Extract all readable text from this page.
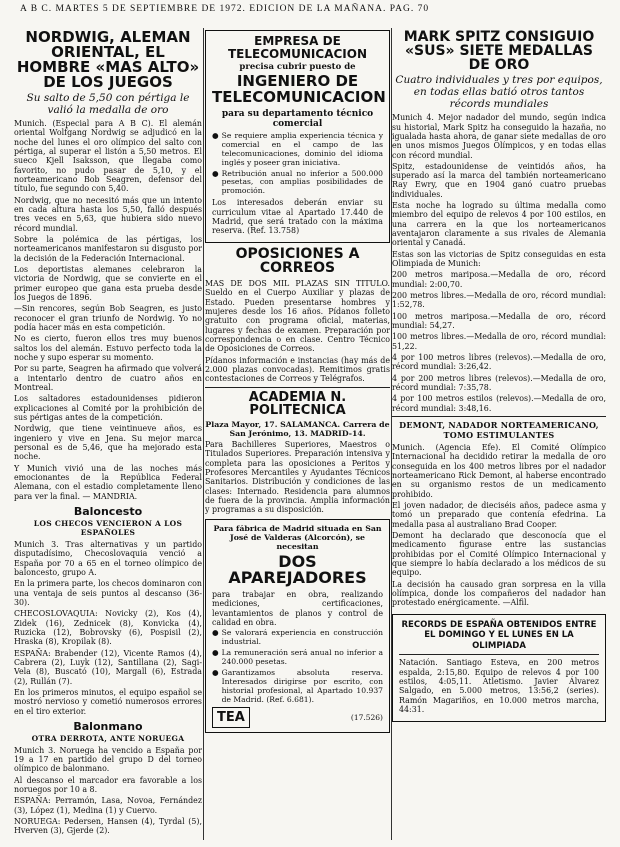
A B C. MARTES 5 DE SEPTIEMBRE DE 1972. EDICION DE LA MAÑANA. PAG. 70
NORDWIG, ALEMAN ORIENTAL, EL HOMBRE «MAS ALTO» DE LOS JUEGOS
Su salto de 5,50 con pértiga le valió la medalla de oro

Munich. (Especial para A B C). El alemán oriental Wolfgang Nordwig se adjudicó en la noche del lunes el oro olímpico del salto con pértiga, al superar el listón a 5,50 metros. El sueco Kjell Isaksson, que llegaba como favorito, no pudo pasar de 5,10, y el norteamericano Bob Seagren, defensor del título, fue segundo con 5,40.

Nordwig, que no necesitó más que un intento en cada altura hasta los 5,50, falló después tres veces en 5,63, que hubiera sido nuevo récord mundial.

Sobre la polémica de las pértigas, los norteamericanos manifestaron su disgusto por la decisión de la Federación Internacional.

Los deportistas alemanes celebraron la victoria de Nordwig, que se convierte en el primer europeo que gana esta prueba desde los Juegos de 1896.

—Sin rencores, según Bob Seagren, es justo reconocer el gran triunfo de Nordwig. Yo no podía hacer más en esta competición.

No es cierto, fueron ellos tres muy buenos saltos los del alemán. Estuvo perfecto toda la noche y supo esperar su momento.

Por su parte, Seagren ha afirmado que volverá a intentarlo dentro de cuatro años en Montreal.

Los saltadores estadounidenses pidieron explicaciones al Comité por la prohibición de sus pértigas antes de la competición.

Nordwig, que tiene veintinueve años, es ingeniero y vive en Jena. Su mejor marca personal es de 5,46, que ha mejorado esta noche.

Y Munich vivió una de las noches más emocionantes de la República Federal Alemana, con el estadio completamente lleno para ver la final. — MANDRIA.

Baloncesto
LOS CHECOS VENCIERON A LOS ESPAÑOLES

Munich 3. Tras alternativas y un partido disputadísimo, Checoslovaquia venció a España por 70 a 65 en el torneo olímpico de baloncesto, grupo A.

En la primera parte, los checos dominaron con una ventaja de seis puntos al descanso (36-30).

CHECOSLOVAQUIA: Novicky (2), Kos (4), Zidek (16), Zednicek (8), Konvicka (4), Ruzicka (12), Bobrovsky (6), Pospisil (2), Hraska (8), Kropilak (8).

ESPAÑA: Brabender (12), Vicente Ramos (4), Cabrera (2), Luyk (12), Santillana (2), Sagi-Vela (8), Buscató (10), Margall (6), Estrada (2), Rullán (7).

En los primeros minutos, el equipo español se mostró nervioso y cometió numerosos errores en el tiro exterior.

Balonmano
OTRA DERROTA, ANTE NORUEGA

Munich 3. Noruega ha vencido a España por 19 a 17 en partido del grupo D del torneo olímpico de balonmano.

Al descanso el marcador era favorable a los noruegos por 10 a 8.

ESPAÑA: Perramón, Lasa, Novoa, Fernández (3), López (1), Medina (1) y Cuervo.

NORUEGA: Pedersen, Hansen (4), Tyrdal (5), Hverven (3), Gjerde (2).

EMPRESA DE TELECOMUNICACION
precisa cubrir puesto de
INGENIERO DE TELECOMUNICACION
para su departamento técnico comercial
● Se requiere amplia experiencia técnica y comercial en el campo de las telecomunicaciones, dominio del idioma inglés y poseer gran iniciativa.
● Retribución anual no inferior a 500.000 pesetas, con amplias posibilidades de promoción.
Los interesados deberán enviar su curriculum vitae al Apartado 17.440 de Madrid, que será tratado con la máxima reserva. (Ref. 13.758)
OPOSICIONES A CORREOS
MAS DE DOS MIL PLAZAS SIN TITULO. Sueldo en el Cuerpo Auxiliar y plazas de Estado. Pueden presentarse hombres y mujeres desde los 16 años. Pídanos folleto gratuito con programa oficial, materias, lugares y fechas de examen. Preparación por correspondencia o en clase. Centro Técnico de Oposiciones de Correos.
Pídanos información e instancias (hay más de 2.000 plazas convocadas). Remitimos gratis contestaciones de Correos y Telégrafos.
ACADEMIA N. POLITECNICA
Plaza Mayor, 17. SALAMANCA. Carrera de San Jerónimo, 13. MADRID-14.
Para Bachilleres Superiores, Maestros o Titulados Superiores. Preparación intensiva y completa para las oposiciones a Peritos y Profesores Mercantiles y Ayudantes Técnicos Sanitarios. Distribución y condiciones de las clases: Internado. Residencia para alumnos de fuera de la provincia. Amplia información y programas a su disposición.
Para fábrica de Madrid situada en San José de Valderas (Alcorcón), se necesitan
DOS APAREJADORES
para trabajar en obra, realizando mediciones, certificaciones, levantamientos de planos y control de calidad en obra.
● Se valorará experiencia en construcción industrial.
● La remuneración será anual no inferior a 240.000 pesetas.
● Garantizamos absoluta reserva. Interesados dirigirse por escrito, con historial profesional, al Apartado 10.937 de Madrid. (Ref. 6.681).
TEA	(17.526)
MARK SPITZ CONSIGUIO «SUS» SIETE MEDALLAS DE ORO
Cuatro individuales y tres por equipos, en todas ellas batió otros tantos récords mundiales

Munich 4. Mejor nadador del mundo, según indica su historial, Mark Spitz ha conseguido la hazaña, no igualada hasta ahora, de ganar siete medallas de oro en unos mismos Juegos Olímpicos, y en todas ellas con récord mundial.

Spitz, estadounidense de veintidós años, ha superado así la marca del también norteamericano Ray Ewry, que en 1904 ganó cuatro pruebas individuales.

Esta noche ha logrado su última medalla como miembro del equipo de relevos 4 por 100 estilos, en una carrera en la que los norteamericanos aventajaron claramente a sus rivales de Alemania oriental y Canadá.

Estas son las victorias de Spitz conseguidas en esta Olimpiada de Munich:

200 metros mariposa.—Medalla de oro, récord mundial: 2:00,70.

200 metros libres.—Medalla de oro, récord mundial: 1:52,78.

100 metros mariposa.—Medalla de oro, récord mundial: 54,27.

100 metros libres.—Medalla de oro, récord mundial: 51,22.

4 por 100 metros libres (relevos).—Medalla de oro, récord mundial: 3:26,42.

4 por 200 metros libres (relevos).—Medalla de oro, récord mundial: 7:35,78.

4 por 100 metros estilos (relevos).—Medalla de oro, récord mundial: 3:48,16.

DEMONT, NADADOR NORTEAMERICANO, TOMO ESTIMULANTES

Munich. (Agencia Efe). El Comité Olímpico Internacional ha decidido retirar la medalla de oro conseguida en los 400 metros libres por el nadador norteamericano Rick Demont, al haberse encontrado en su organismo restos de un medicamento prohibido.

El joven nadador, de dieciséis años, padece asma y tomó un preparado que contenía efedrina. La medalla pasa al australiano Brad Cooper.

Demont ha declarado que desconocía que el medicamento figurase entre las sustancias prohibidas por el Comité Olímpico Internacional y que siempre lo había declarado a los médicos de su equipo.

La decisión ha causado gran sorpresa en la villa olímpica, donde los compañeros del nadador han protestado enérgicamente. —Alfil.

RECORDS DE ESPAÑA OBTENIDOS ENTRE EL DOMINGO Y EL LUNES EN LA OLIMPIADA
Natación. Santiago Esteva, en 200 metros espalda, 2:15,80. Equipo de relevos 4 por 100 estilos, 4:05,11. Atletismo. Javier Álvarez Salgado, en 5.000 metros, 13:56,2 (series). Ramón Magariños, en 10.000 metros marcha, 44:31.
